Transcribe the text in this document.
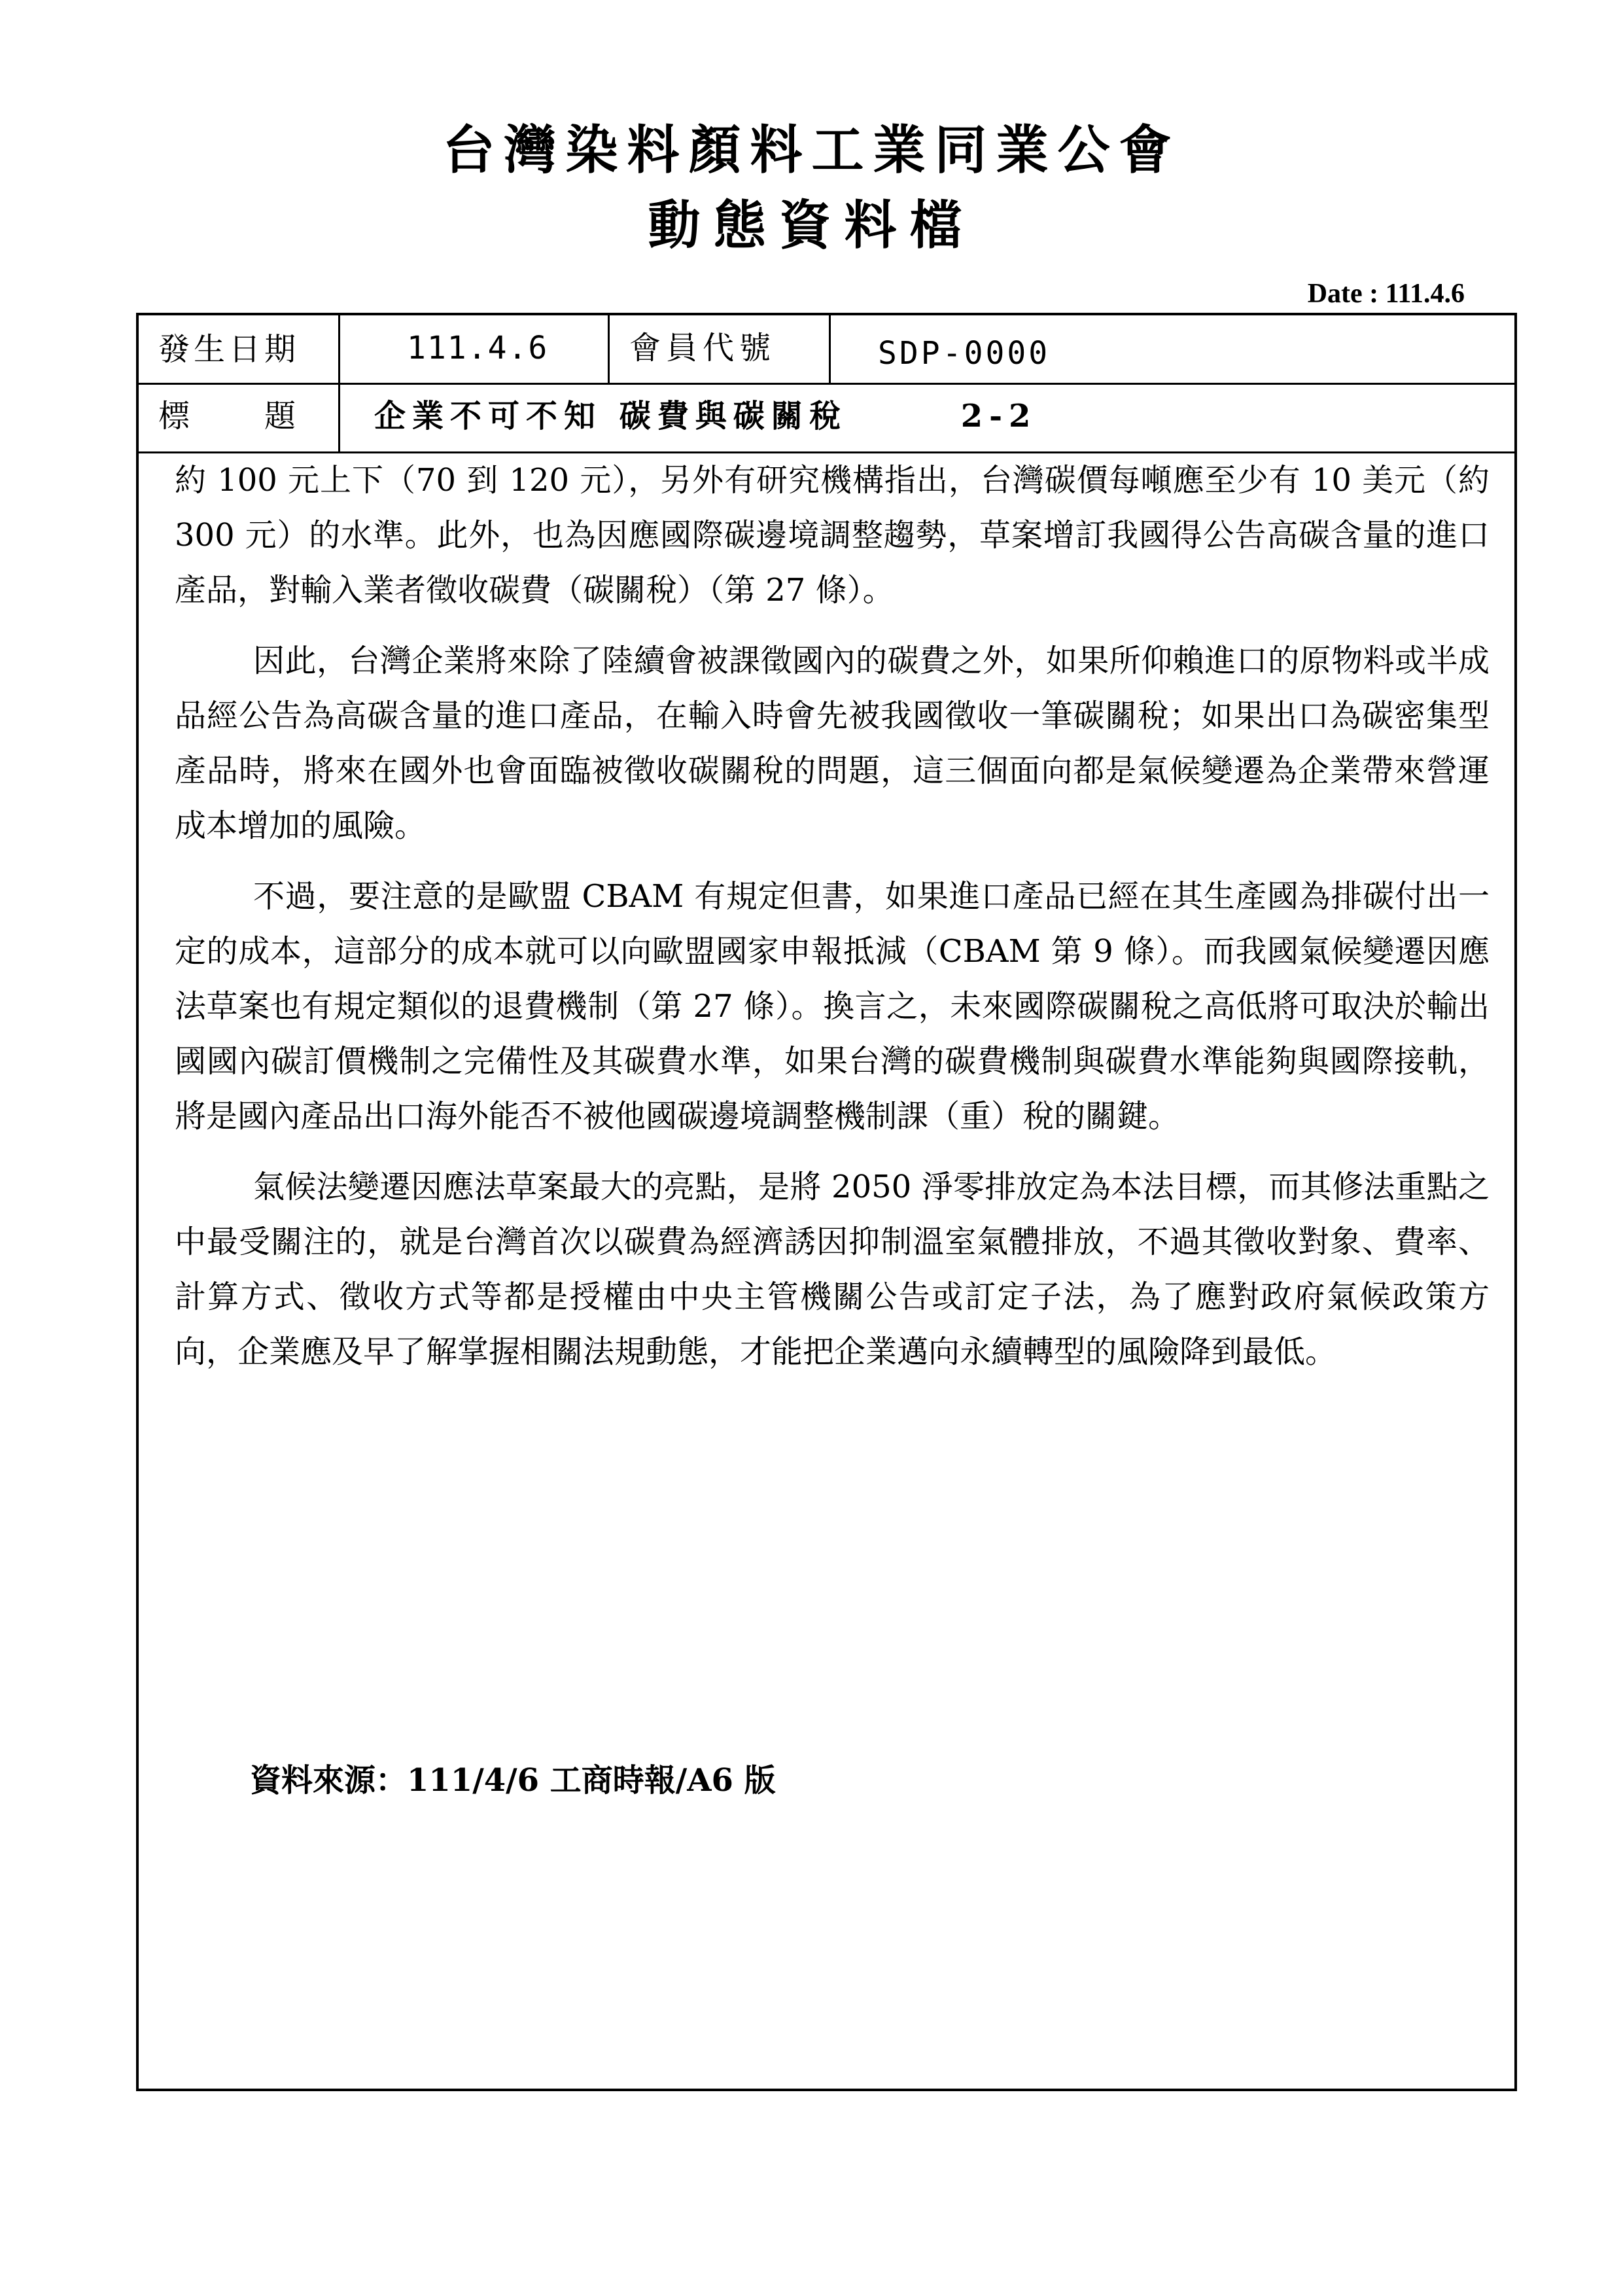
台灣染料顏料工業同業公會
動態資料檔
Date : 111.4.6
發生日期	111.4.6	會員代號	SDP-0000
標　　題 企業不可不知 碳費與碳關稅　　　2-2

約 100 元上下（70 到 120 元），另外有研究機構指出，台灣碳價每噸應至少有 10 美元（約 300 元）的水準。此外，也為因應國際碳邊境調整趨勢，草案增訂我國得公告高碳含量的進口產品，對輸入業者徵收碳費（碳關稅）（第 27 條）。

因此，台灣企業將來除了陸續會被課徵國內的碳費之外，如果所仰賴進口的原物料或半成品經公告為高碳含量的進口產品，在輸入時會先被我國徵收一筆碳關稅；如果出口為碳密集型產品時，將來在國外也會面臨被徵收碳關稅的問題，這三個面向都是氣候變遷為企業帶來營運成本增加的風險。

不過，要注意的是歐盟 CBAM 有規定但書，如果進口產品已經在其生產國為排碳付出一定的成本，這部分的成本就可以向歐盟國家申報抵減（CBAM 第 9 條）。而我國氣候變遷因應法草案也有規定類似的退費機制（第 27 條）。換言之，未來國際碳關稅之高低將可取決於輸出國國內碳訂價機制之完備性及其碳費水準，如果台灣的碳費機制與碳費水準能夠與國際接軌，將是國內產品出口海外能否不被他國碳邊境調整機制課（重）稅的關鍵。

氣候法變遷因應法草案最大的亮點，是將 2050 淨零排放定為本法目標，而其修法重點之中最受關注的，就是台灣首次以碳費為經濟誘因抑制溫室氣體排放，不過其徵收對象、費率、計算方式、徵收方式等都是授權由中央主管機關公告或訂定子法，為了應對政府氣候政策方向，企業應及早了解掌握相關法規動態，才能把企業邁向永續轉型的風險降到最低。

資料來源：111/4/6 工商時報/A6 版
